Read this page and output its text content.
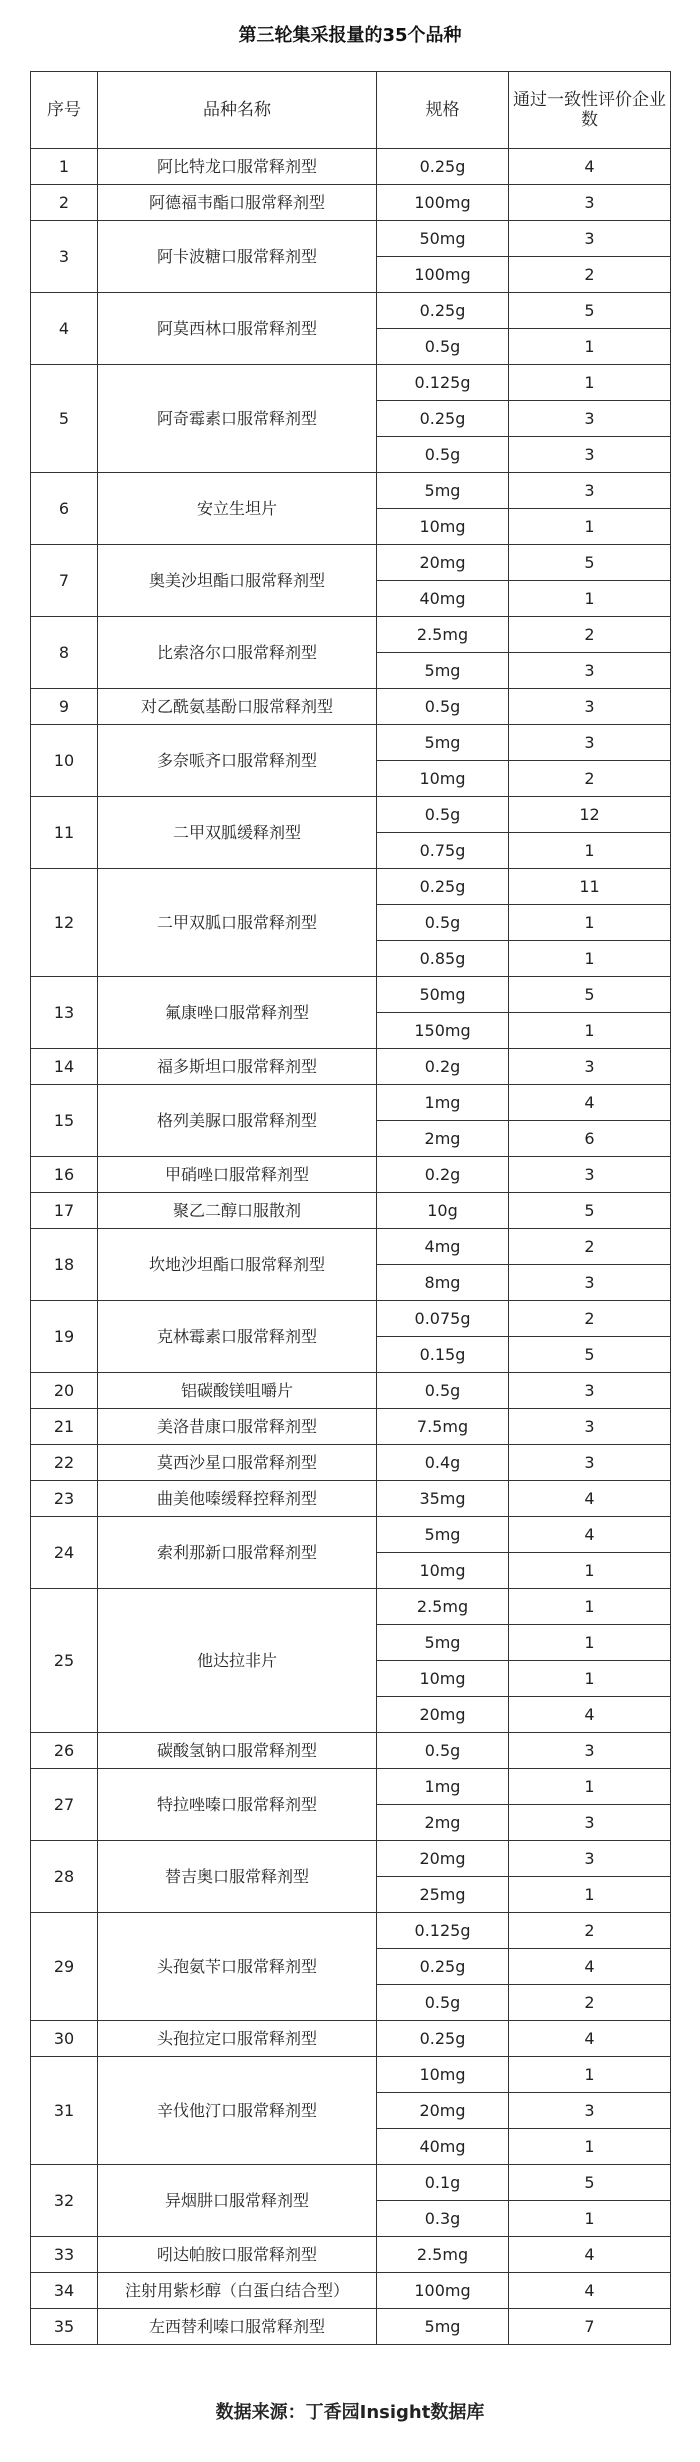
第三轮集采报量的35个品种
序号	品种名称	规格	通过一致性评价企业数
1	阿比特龙口服常释剂型	0.25g	4
2	阿德福韦酯口服常释剂型	100mg	3
3	阿卡波糖口服常释剂型	50mg	3
		100mg	2
4	阿莫西林口服常释剂型	0.25g	5
		0.5g	1
5	阿奇霉素口服常释剂型	0.125g	1
		0.25g	3
		0.5g	3
6	安立生坦片	5mg	3
		10mg	1
7	奥美沙坦酯口服常释剂型	20mg	5
		40mg	1
8	比索洛尔口服常释剂型	2.5mg	2
		5mg	3
9	对乙酰氨基酚口服常释剂型	0.5g	3
10	多奈哌齐口服常释剂型	5mg	3
		10mg	2
11	二甲双胍缓释剂型	0.5g	12
		0.75g	1
12	二甲双胍口服常释剂型	0.25g	11
		0.5g	1
		0.85g	1
13	氟康唑口服常释剂型	50mg	5
		150mg	1
14	福多斯坦口服常释剂型	0.2g	3
15	格列美脲口服常释剂型	1mg	4
		2mg	6
16	甲硝唑口服常释剂型	0.2g	3
17	聚乙二醇口服散剂	10g	5
18	坎地沙坦酯口服常释剂型	4mg	2
		8mg	3
19	克林霉素口服常释剂型	0.075g	2
		0.15g	5
20	铝碳酸镁咀嚼片	0.5g	3
21	美洛昔康口服常释剂型	7.5mg	3
22	莫西沙星口服常释剂型	0.4g	3
23	曲美他嗪缓释控释剂型	35mg	4
24	索利那新口服常释剂型	5mg	4
		10mg	1
25	他达拉非片	2.5mg	1
		5mg	1
		10mg	1
		20mg	4
26	碳酸氢钠口服常释剂型	0.5g	3
27	特拉唑嗪口服常释剂型	1mg	1
		2mg	3
28	替吉奥口服常释剂型	20mg	3
		25mg	1
29	头孢氨苄口服常释剂型	0.125g	2
		0.25g	4
		0.5g	2
30	头孢拉定口服常释剂型	0.25g	4
31	辛伐他汀口服常释剂型	10mg	1
		20mg	3
		40mg	1
32	异烟肼口服常释剂型	0.1g	5
		0.3g	1
33	吲达帕胺口服常释剂型	2.5mg	4
34	注射用紫杉醇（白蛋白结合型）	100mg	4
35	左西替利嗪口服常释剂型	5mg	7
数据来源：丁香园Insight数据库
